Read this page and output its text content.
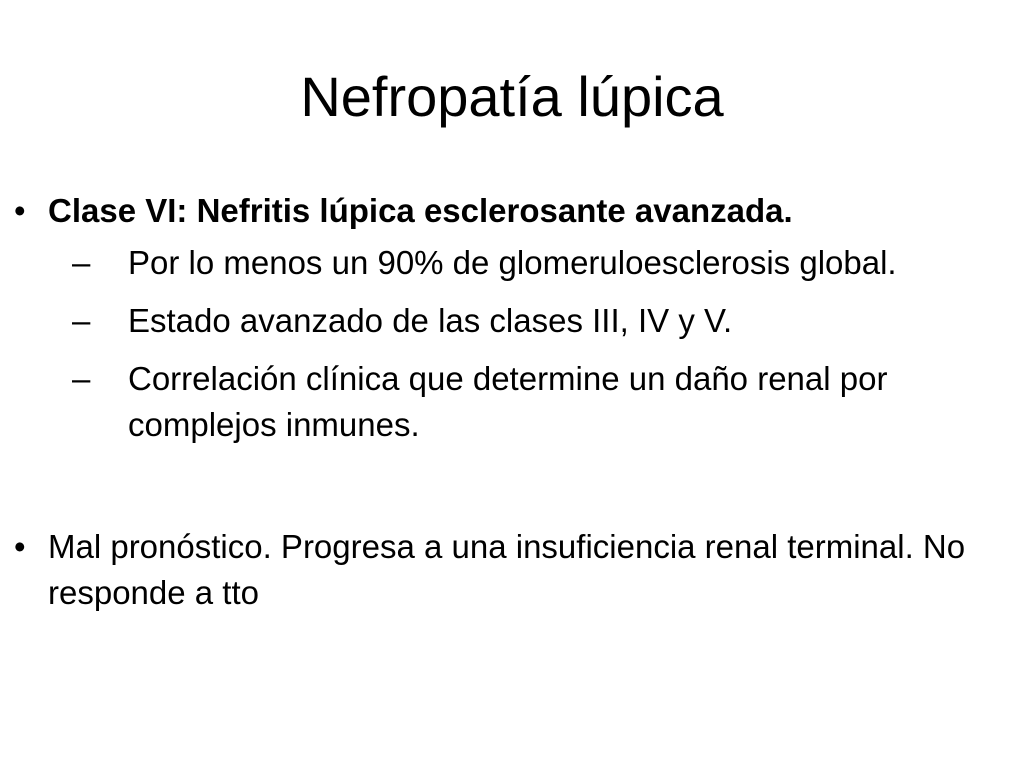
Nefropatía lúpica
• Clase VI: Nefritis lúpica esclerosante avanzada.
– Por lo menos un 90% de glomeruloesclerosis global.
– Estado avanzado de las clases III, IV y V.
– Correlación clínica que determine un daño renal por complejos inmunes.
• Mal pronóstico. Progresa a una insuficiencia renal terminal. No responde a tto
